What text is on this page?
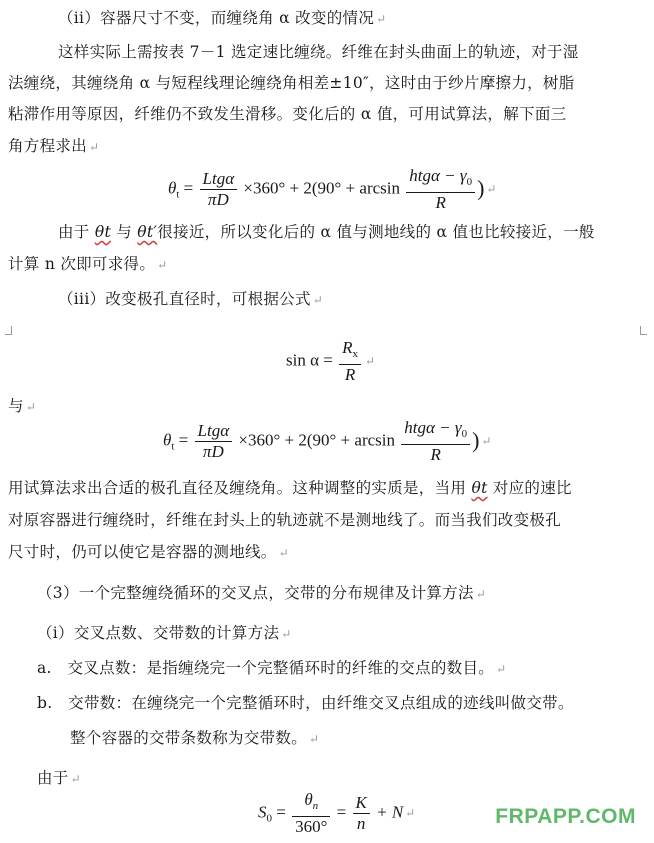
（ii）容器尺寸不变，而缠绕角 α 改变的情况 ↵
这样实际上需按表 7－1 选定速比缠绕。纤维在封头曲面上的轨迹，对于湿
法缠绕，其缠绕角 α 与短程线理论缠绕角相差±10″，这时由于纱片摩擦力，树脂
粘滞作用等原因，纤维仍不致发生滑移。变化后的 α 值，可用试算法，解下面三
角方程求出 ↵
$\theta_t = \frac{\text{Ltgα}}{\pi D} \times 360^\circ + 2(90^\circ + \arcsin \frac{htg\alpha - \gamma_0}{R}$ ) ↵
由于 θt 与 θt′很接近，所以变化后的 α 值与测地线的 α 值也比较接近，一般
计算 n 次即可求得。 ↵
（iii）改变极孔直径时，可根据公式 ↵
$\sin \alpha = \frac{R_x}{R}$ ↵
与 ↵
$\theta_t = \frac{\text{Ltgα}}{\pi D} \times 360^\circ + 2(90^\circ + \arcsin \frac{htg\alpha - \gamma_0}{R}$ ) ↵
用试算法求出合适的极孔直径及缠绕角。这种调整的实质是，当用 θt 对应的速比
对原容器进行缠绕时，纤维在封头上的轨迹就不是测地线了。而当我们改变极孔
尺寸时，仍可以使它是容器的测地线。 ↵
（3）一个完整缠绕循环的交叉点，交带的分布规律及计算方法 ↵
（i）交叉点数、交带数的计算方法 ↵
a. 交叉点数：是指缠绕完一个完整循环时的纤维的交点的数目。 ↵
b. 交带数：在缠绕完一个完整循环时，由纤维交叉点组成的迹线叫做交带。
整个容器的交带条数称为交带数。 ↵
由于 ↵
$S_0 = \frac{\theta_n}{360^\circ} = \frac{K}{n} + N$ ↵	FRPAPP.COM
